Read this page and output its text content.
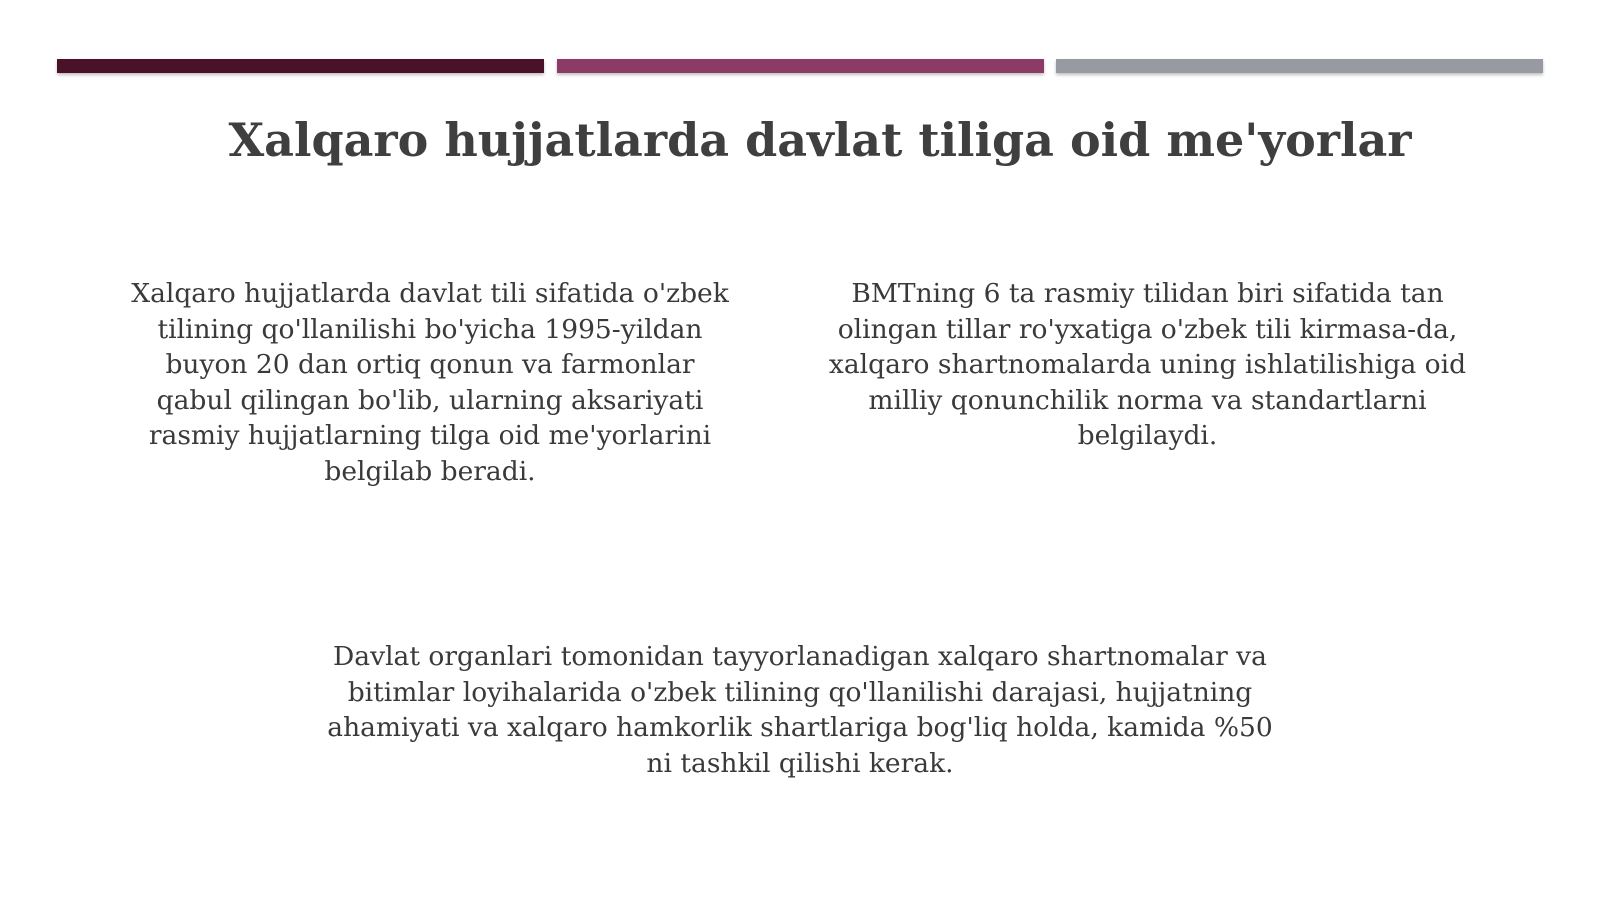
Xalqaro hujjatlarda davlat tiliga oid me'yorlar

Xalqaro hujjatlarda davlat tili sifatida o'zbek
tilining qo'llanilishi bo'yicha 1995-yildan
buyon 20 dan ortiq qonun va farmonlar
qabul qilingan bo'lib, ularning aksariyati
rasmiy hujjatlarning tilga oid me'yorlarini
belgilab beradi.

BMTning 6 ta rasmiy tilidan biri sifatida tan
olingan tillar ro'yxatiga o'zbek tili kirmasa-da,
xalqaro shartnomalarda uning ishlatilishiga oid
milliy qonunchilik norma va standartlarni
belgilaydi.

Davlat organlari tomonidan tayyorlanadigan xalqaro shartnomalar va
bitimlar loyihalarida o'zbek tilining qo'llanilishi darajasi, hujjatning
ahamiyati va xalqaro hamkorlik shartlariga bog'liq holda, kamida %50
ni tashkil qilishi kerak.
